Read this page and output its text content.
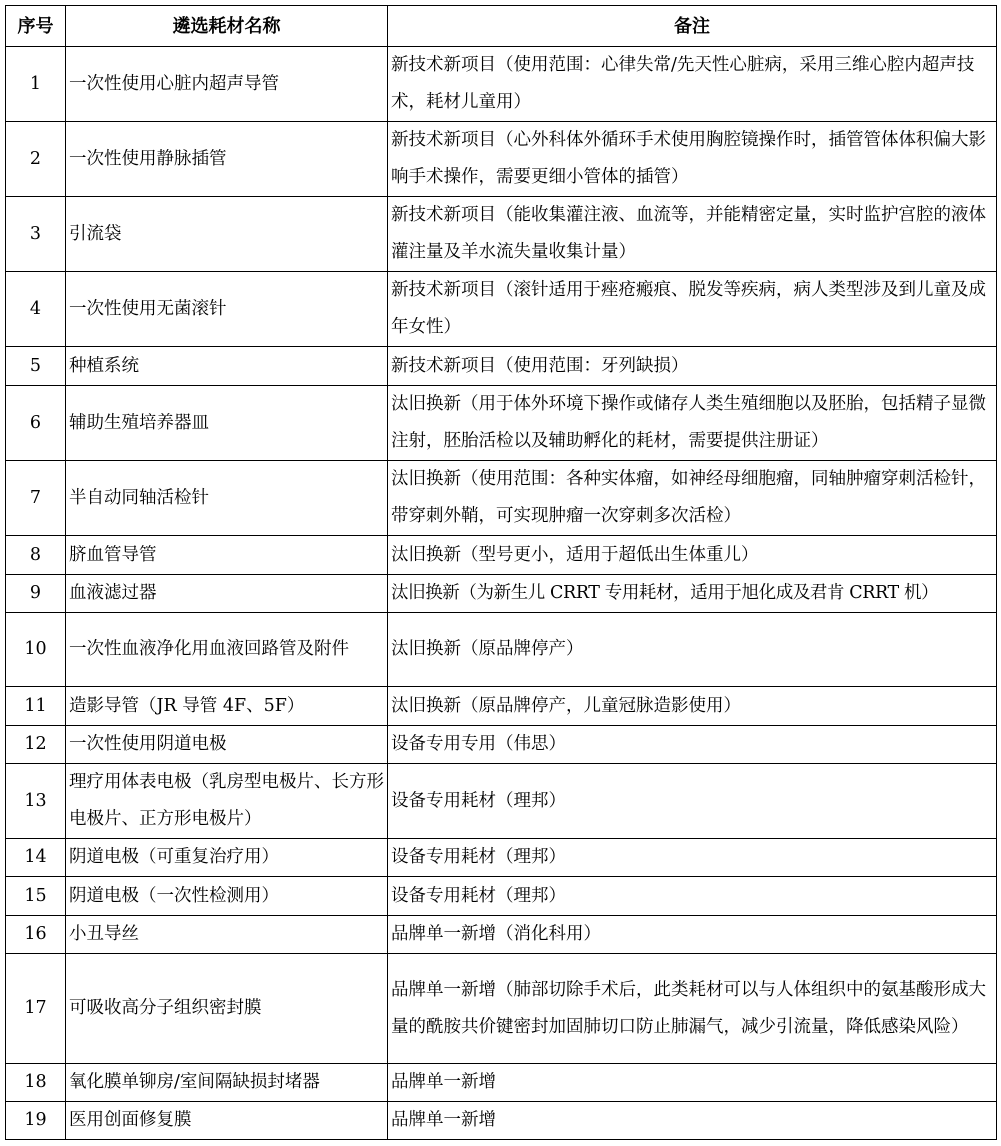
序号	遴选耗材名称	备注
1	一次性使用心脏内超声导管	新技术新项目（使用范围：心律失常/先天性心脏病，采用三维心腔内超声技术，耗材儿童用）
2	一次性使用静脉插管	新技术新项目（心外科体外循环手术使用胸腔镜操作时，插管管体体积偏大影响手术操作，需要更细小管体的插管）
3	引流袋	新技术新项目（能收集灌注液、血流等，并能精密定量，实时监护宫腔的液体灌注量及羊水流失量收集计量）
4	一次性使用无菌滚针	新技术新项目（滚针适用于痤疮瘢痕、脱发等疾病，病人类型涉及到儿童及成年女性）
5	种植系统	新技术新项目（使用范围：牙列缺损）
6	辅助生殖培养器皿	汰旧换新（用于体外环境下操作或储存人类生殖细胞以及胚胎，包括精子显微注射，胚胎活检以及辅助孵化的耗材，需要提供注册证）
7	半自动同轴活检针	汰旧换新（使用范围：各种实体瘤，如神经母细胞瘤，同轴肿瘤穿刺活检针，带穿刺外鞘，可实现肿瘤一次穿刺多次活检）
8	脐血管导管	汰旧换新（型号更小，适用于超低出生体重儿）
9	血液滤过器	汰旧换新（为新生儿 CRRT 专用耗材，适用于旭化成及君肯 CRRT 机）
10	一次性血液净化用血液回路管及附件	汰旧换新（原品牌停产）
11	造影导管（JR 导管 4F、5F）	汰旧换新（原品牌停产，儿童冠脉造影使用）
12	一次性使用阴道电极	设备专用专用（伟思）
13	理疗用体表电极（乳房型电极片、长方形电极片、正方形电极片）	设备专用耗材（理邦）
14	阴道电极（可重复治疗用）	设备专用耗材（理邦）
15	阴道电极（一次性检测用）	设备专用耗材（理邦）
16	小丑导丝	品牌单一新增（消化科用）
17	可吸收高分子组织密封膜	品牌单一新增（肺部切除手术后，此类耗材可以与人体组织中的氨基酸形成大量的酰胺共价键密封加固肺切口防止肺漏气，减少引流量，降低感染风险）
18	氧化膜单铆房/室间隔缺损封堵器	品牌单一新增
19	医用创面修复膜	品牌单一新增
